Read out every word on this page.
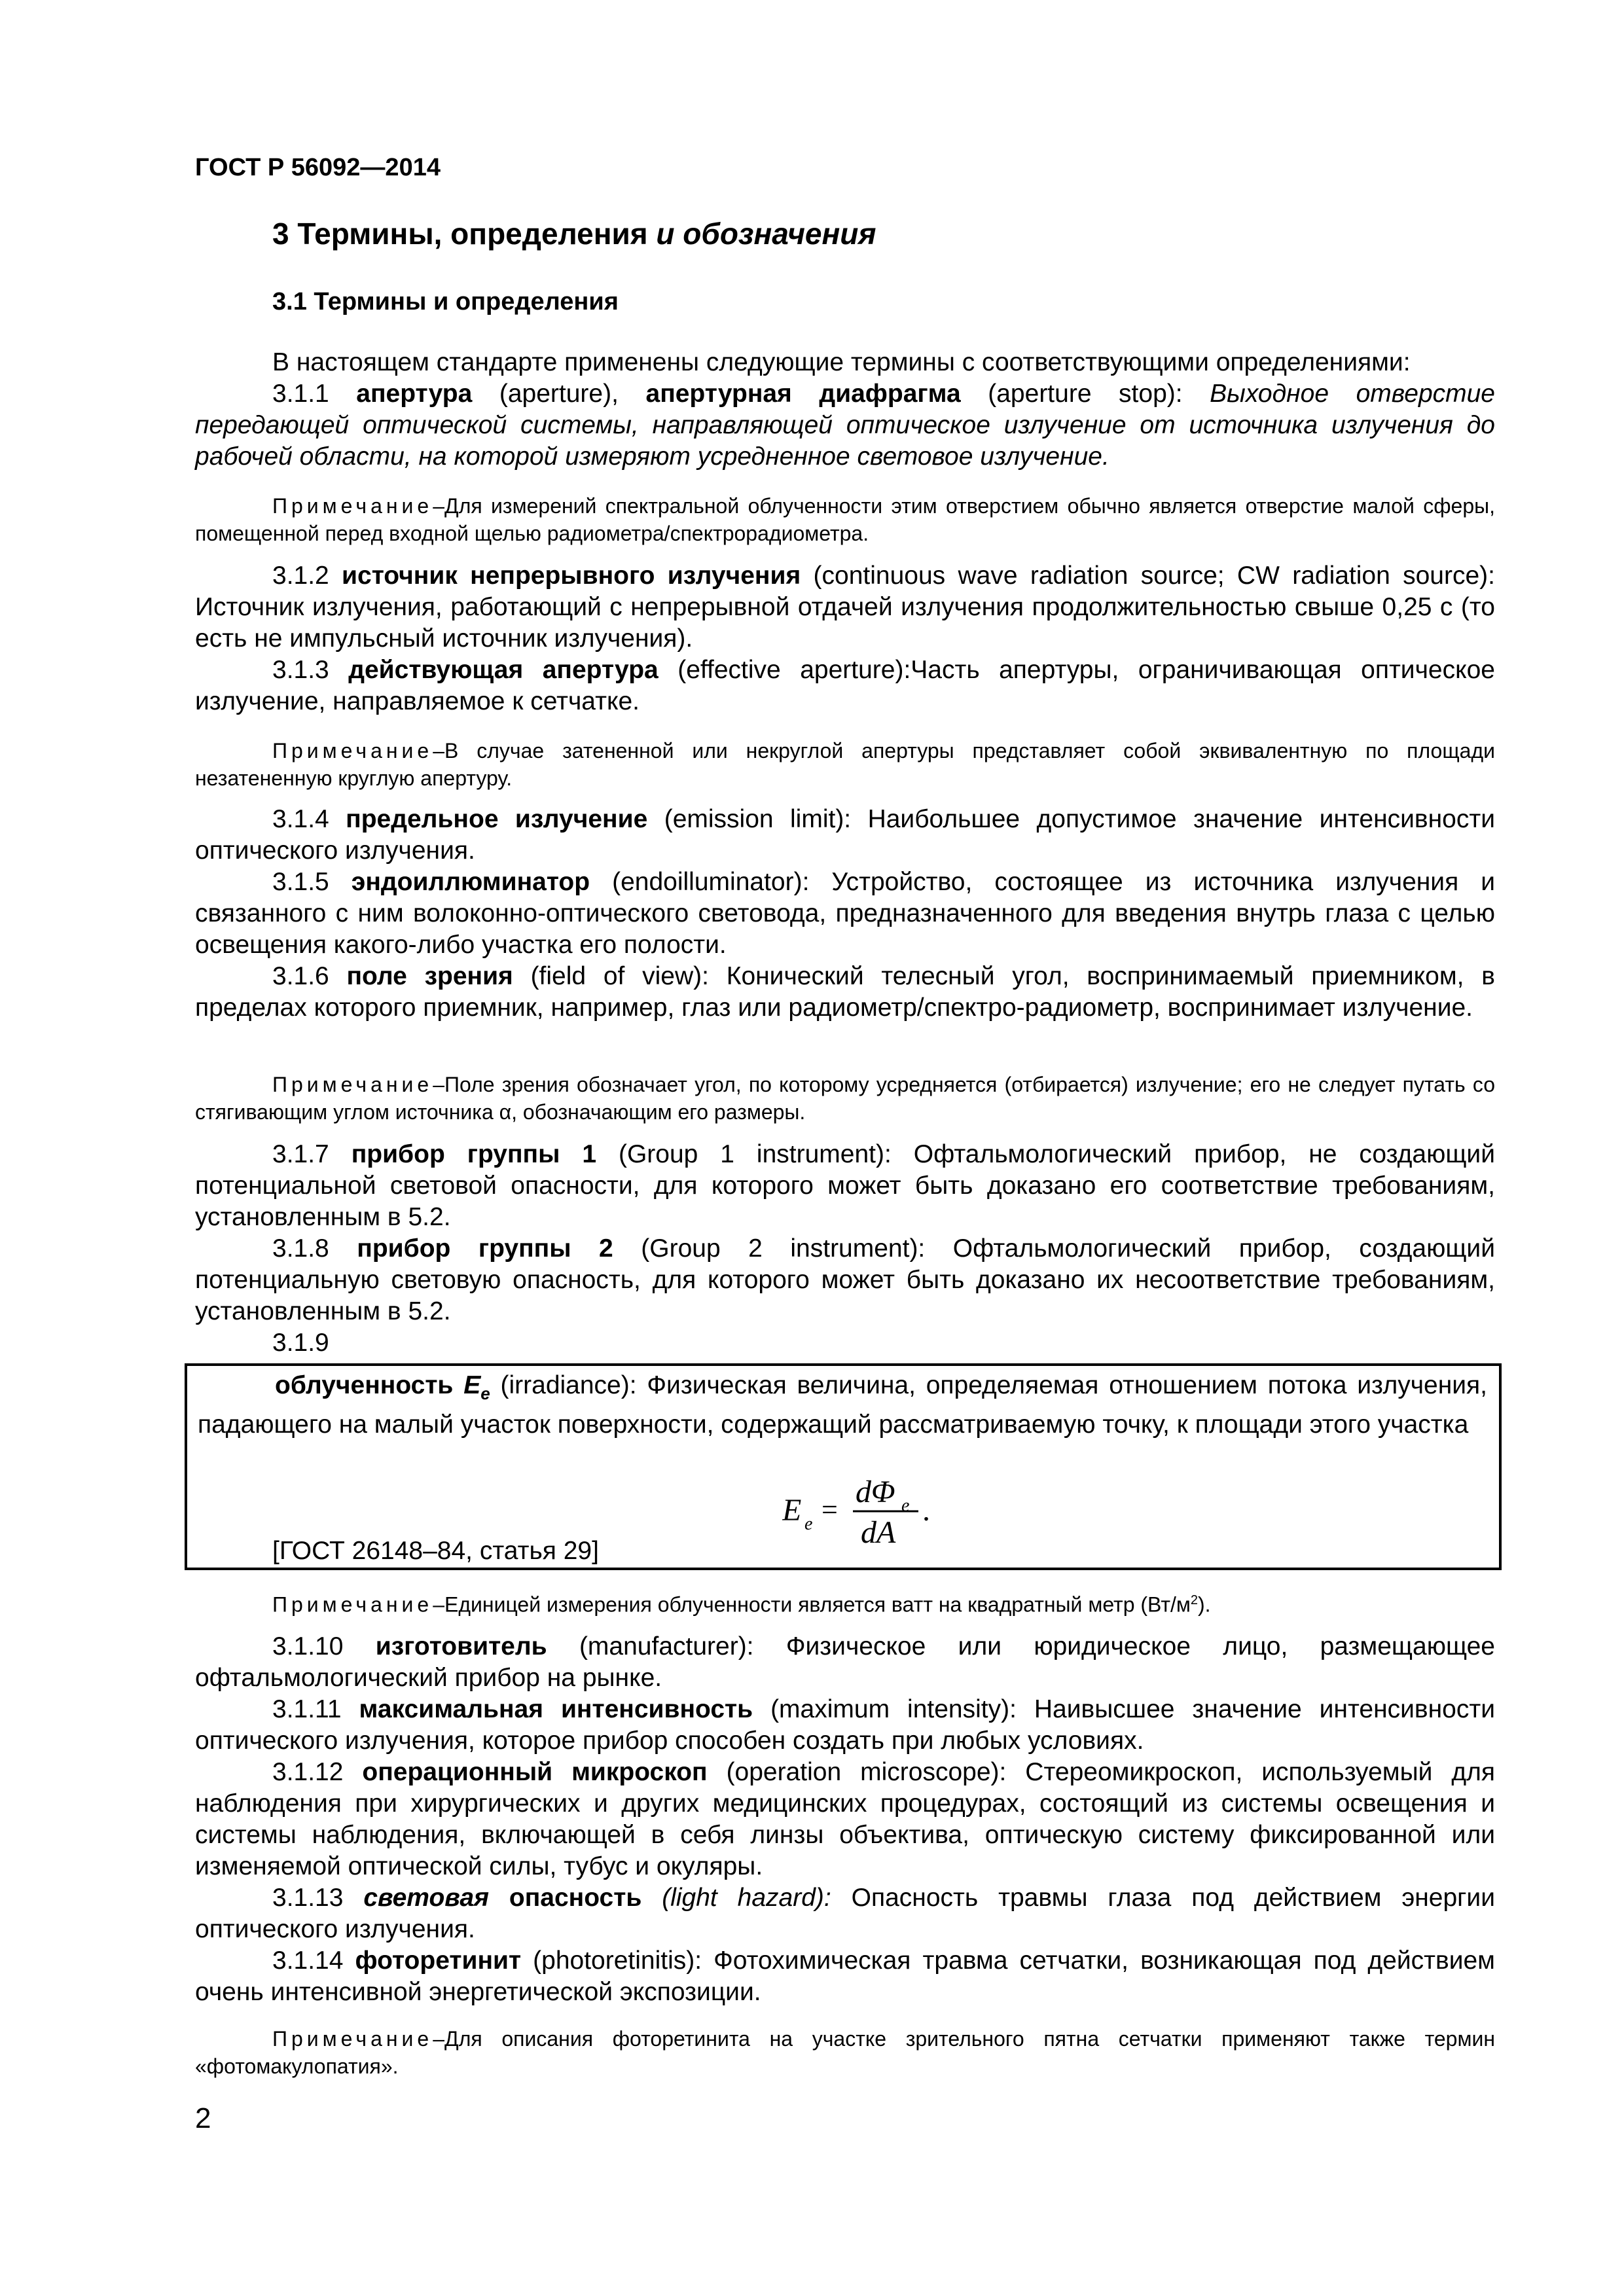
ГОСТ Р 56092—2014
3 Термины, определения и обозначения
3.1 Термины и определения

В настоящем стандарте применены следующие термины с соответствующими определениями:

3.1.1 апертура (aperture), апертурная диафрагма (aperture stop): Выходное отверстие передающей оптической системы, направляющей оптическое излучение от источника излучения до рабочей области, на которой измеряют усредненное световое излучение.

Примечание–Для измерений спектральной облученности этим отверстием обычно является отверстие малой сферы, помещенной перед входной щелью радиометра/спектрорадиометра.

3.1.2 источник непрерывного излучения (continuous wave radiation source; CW radiation source): Источник излучения, работающий с непрерывной отдачей излучения продолжительностью свыше 0,25 с (то есть не импульсный источник излучения).

3.1.3 действующая апертура (effective aperture):Часть апертуры, ограничивающая оптическое излучение, направляемое к сетчатке.

Примечание–В случае затененной или некруглой апертуры представляет собой эквивалентную по площади незатененную круглую апертуру.

3.1.4 предельное излучение (emission limit): Наибольшее допустимое значение интенсивности оптического излучения.

3.1.5 эндоиллюминатор (endoilluminator): Устройство, состоящее из источника излучения и связанного с ним волоконно-оптического световода, предназначенного для введения внутрь глаза с целью освещения какого-либо участка его полости.

3.1.6 поле зрения (field of view): Конический телесный угол, воспринимаемый приемником, в пределах которого приемник, например, глаз или радиометр/спектро-радиометр, воспринимает излучение.

Примечание–Поле зрения обозначает угол, по которому усредняется (отбирается) излучение; его не следует путать со стягивающим углом источника α, обозначающим его размеры.

3.1.7 прибор группы 1 (Group 1 instrument): Офтальмологический прибор, не создающий потенциальной световой опасности, для которого может быть доказано его соответствие требованиям, установленным в 5.2.

3.1.8 прибор группы 2 (Group 2 instrument): Офтальмологический прибор, создающий потенциальную световую опасность, для которого может быть доказано их несоответствие требованиям, установленным в 5.2.

3.1.9

облученность $E_e$ (irradiance): Физическая величина, определяемая отношением потока излучения, падающего на малый участок поверхности, содержащий рассматриваемую точку, к площади этого участка

E e =
dΦ e
dA
.
[ГОСТ 26148–84, статья 29]

Примечание–Единицей измерения облученности является ватт на квадратный метр $(Вт/м^2)$.

3.1.10 изготовитель (manufacturer): Физическое или юридическое лицо, размещающее офтальмологический прибор на рынке.

3.1.11 максимальная интенсивность (maximum intensity): Наивысшее значение интенсивности оптического излучения, которое прибор способен создать при любых условиях.

3.1.12 операционный микроскоп (operation microscope): Стереомикроскоп, используемый для наблюдения при хирургических и других медицинских процедурах, состоящий из системы освещения и системы наблюдения, включающей в себя линзы объектива, оптическую систему фиксированной или изменяемой оптической силы, тубус и окуляры.

3.1.13 световая опасность (light hazard): Опасность травмы глаза под действием энергии оптического излучения.

3.1.14 фоторетинит (photoretinitis): Фотохимическая травма сетчатки, возникающая под действием очень интенсивной энергетической экспозиции.

Примечание–Для описания фоторетинита на участке зрительного пятна сетчатки применяют также термин «фотомакулопатия».

2
